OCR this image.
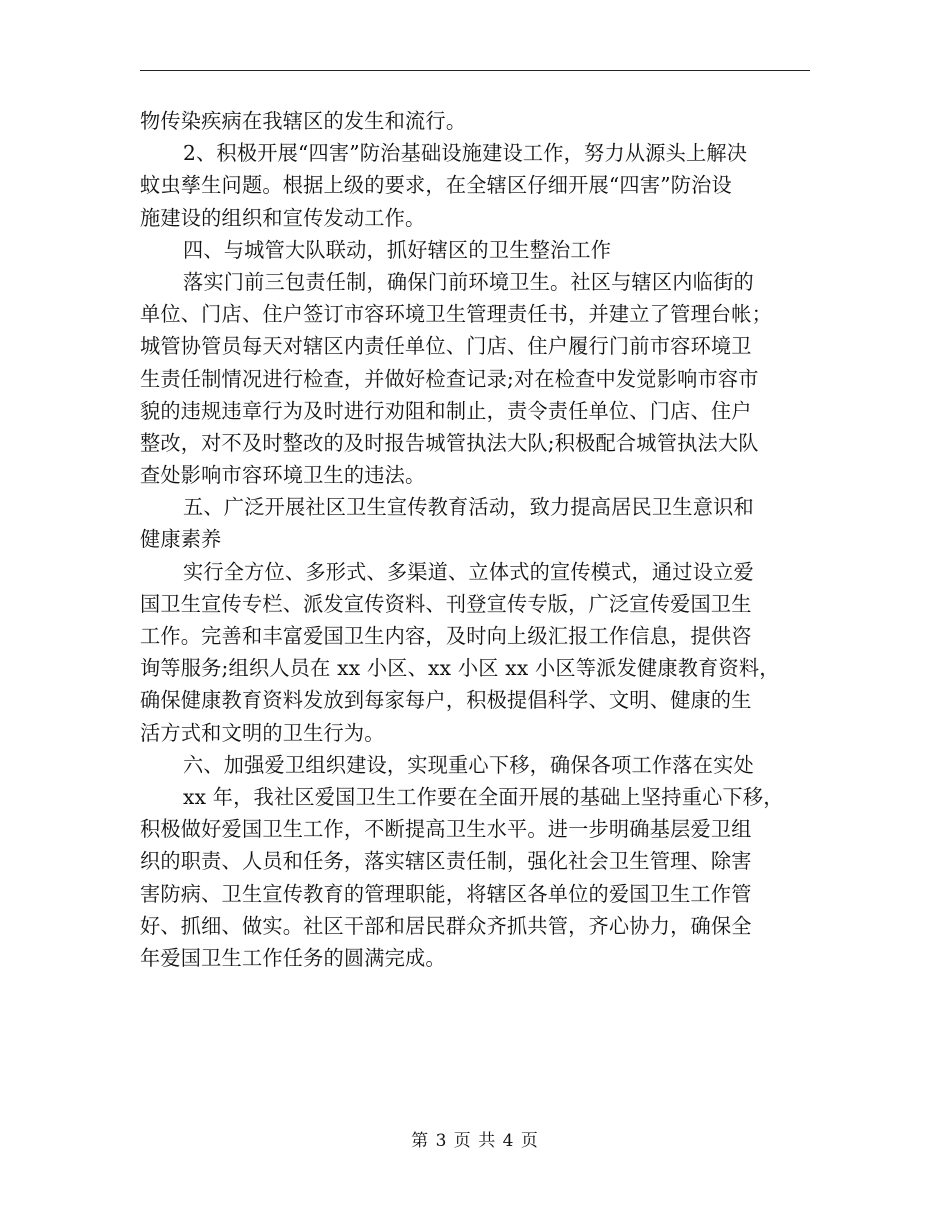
物传染疾病在我辖区的发生和流行。
2、积极开展“四害”防治基础设施建设工作，努力从源头上解决
蚊虫孳生问题。根据上级的要求，在全辖区仔细开展“四害”防治设
施建设的组织和宣传发动工作。
四、与城管大队联动，抓好辖区的卫生整治工作
落实门前三包责任制，确保门前环境卫生。社区与辖区内临街的
单位、门店、住户签订市容环境卫生管理责任书，并建立了管理台帐；
城管协管员每天对辖区内责任单位、门店、住户履行门前市容环境卫
生责任制情况进行检查，并做好检查记录;对在检查中发觉影响市容市
貌的违规违章行为及时进行劝阻和制止，责令责任单位、门店、住户
整改，对不及时整改的及时报告城管执法大队;积极配合城管执法大队
查处影响市容环境卫生的违法。
五、广泛开展社区卫生宣传教育活动，致力提高居民卫生意识和
健康素养
实行全方位、多形式、多渠道、立体式的宣传模式，通过设立爱
国卫生宣传专栏、派发宣传资料、刊登宣传专版，广泛宣传爱国卫生
工作。完善和丰富爱国卫生内容，及时向上级汇报工作信息，提供咨
询等服务;组织人员在 xx 小区、xx 小区 xx 小区等派发健康教育资料，
确保健康教育资料发放到每家每户，积极提倡科学、文明、健康的生
活方式和文明的卫生行为。
六、加强爱卫组织建设，实现重心下移，确保各项工作落在实处
xx 年，我社区爱国卫生工作要在全面开展的基础上坚持重心下移，
积极做好爱国卫生工作，不断提高卫生水平。进一步明确基层爱卫组
织的职责、人员和任务，落实辖区责任制，强化社会卫生管理、除害
害防病、卫生宣传教育的管理职能，将辖区各单位的爱国卫生工作管
好、抓细、做实。社区干部和居民群众齐抓共管，齐心协力，确保全
年爱国卫生工作任务的圆满完成。
第 3 页 共 4 页
